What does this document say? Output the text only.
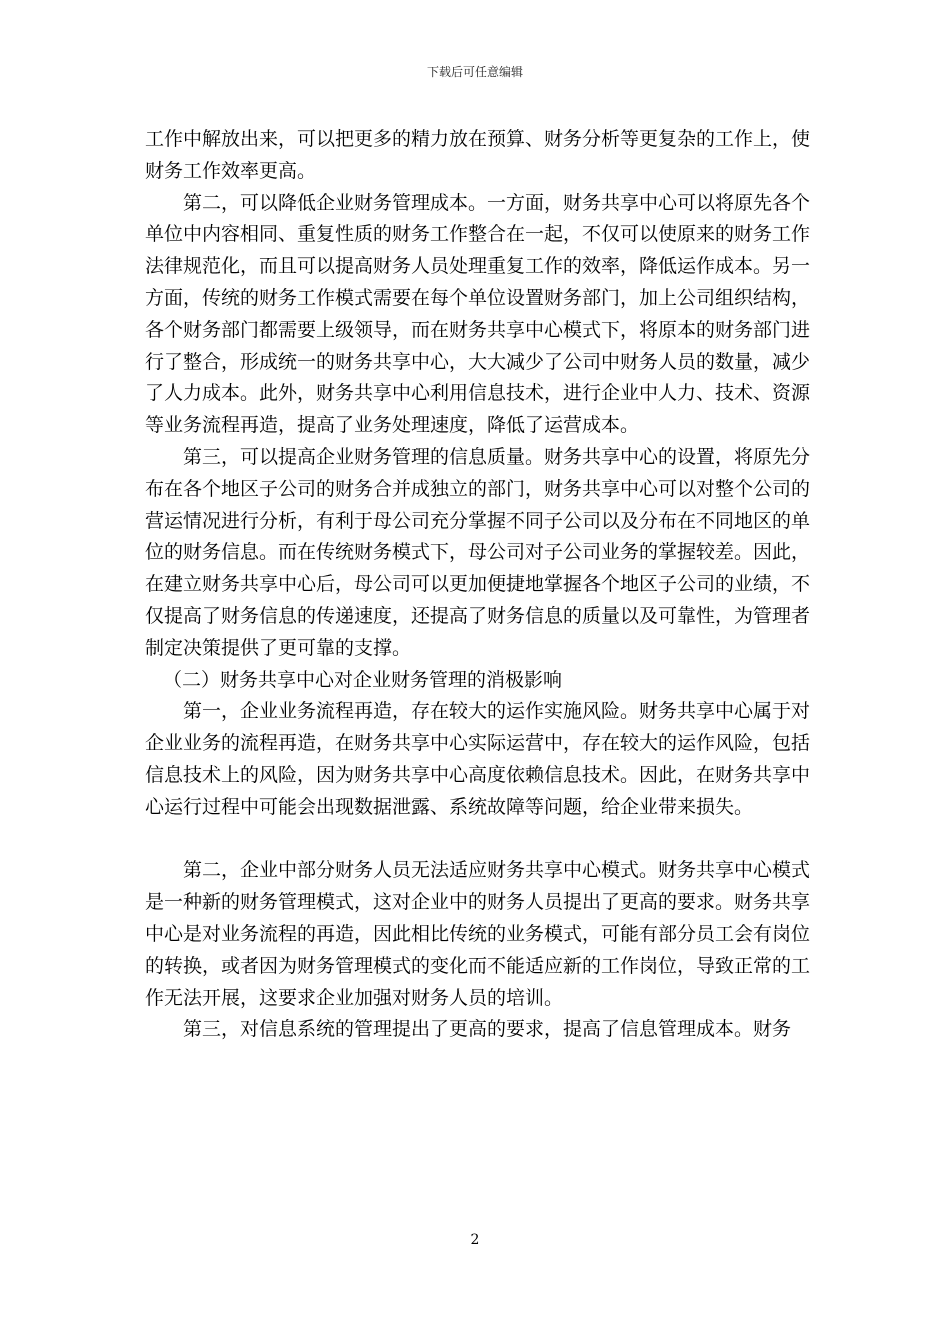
下载后可任意编辑

工作中解放出来，可以把更多的精力放在预算、财务分析等更复杂的工作上，使财务工作效率更高。

第二，可以降低企业财务管理成本。一方面，财务共享中心可以将原先各个单位中内容相同、重复性质的财务工作整合在一起，不仅可以使原来的财务工作法律规范化，而且可以提高财务人员处理重复工作的效率，降低运作成本。另一方面，传统的财务工作模式需要在每个单位设置财务部门，加上公司组织结构，各个财务部门都需要上级领导，而在财务共享中心模式下，将原本的财务部门进行了整合，形成统一的财务共享中心，大大减少了公司中财务人员的数量，减少了人力成本。此外，财务共享中心利用信息技术，进行企业中人力、技术、资源等业务流程再造，提高了业务处理速度，降低了运营成本。

第三，可以提高企业财务管理的信息质量。财务共享中心的设置，将原先分布在各个地区子公司的财务合并成独立的部门，财务共享中心可以对整个公司的营运情况进行分析，有利于母公司充分掌握不同子公司以及分布在不同地区的单位的财务信息。而在传统财务模式下，母公司对子公司业务的掌握较差。因此，在建立财务共享中心后，母公司可以更加便捷地掌握各个地区子公司的业绩，不仅提高了财务信息的传递速度，还提高了财务信息的质量以及可靠性，为管理者制定决策提供了更可靠的支撑。

（二）财务共享中心对企业财务管理的消极影响

第一，企业业务流程再造，存在较大的运作实施风险。财务共享中心属于对企业业务的流程再造，在财务共享中心实际运营中，存在较大的运作风险，包括信息技术上的风险，因为财务共享中心高度依赖信息技术。因此，在财务共享中心运行过程中可能会出现数据泄露、系统故障等问题，给企业带来损失。

第二，企业中部分财务人员无法适应财务共享中心模式。财务共享中心模式是一种新的财务管理模式，这对企业中的财务人员提出了更高的要求。财务共享中心是对业务流程的再造，因此相比传统的业务模式，可能有部分员工会有岗位的转换，或者因为财务管理模式的变化而不能适应新的工作岗位，导致正常的工作无法开展，这要求企业加强对财务人员的培训。

第三，对信息系统的管理提出了更高的要求，提高了信息管理成本。财务

2
